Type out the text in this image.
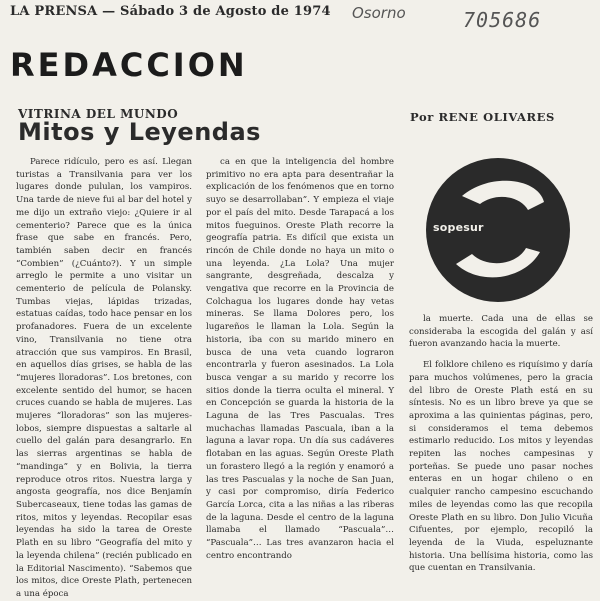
LA PRENSA — Sábado 3 de Agosto de 1974 Osorno	705686
REDACCION
VITRINA DEL MUNDO
Mitos y Leyendas
Por RENE OLIVARES
sopesur

Parece ridículo, pero es así. Llegan turistas a Transilvania para ver los lugares donde pululan, los vampiros. Una tarde de nieve fui al bar del hotel y me dijo un extraño viejo: ¿Quiere ir al cementerio? Parece que es la única frase que sabe en francés. Pero, también saben decir en francés “Combien” (¿Cuánto?). Y un simple arreglo le permite a uno visitar un cementerio de película de Polansky. Tumbas viejas, lápidas trizadas, estatuas caídas, todo hace pensar en los profanadores. Fuera de un excelente vino, Transilvania no tiene otra atracción que sus vampiros. En Brasil, en aquellos días grises, se habla de las “mujeres lloradoras”. Los bretones, con excelente sentido del humor, se hacen cruces cuando se habla de mujeres. Las mujeres “lloradoras” son las mujeres-lobos, siempre dispuestas a saltarle al cuello del galán para desangrarlo. En las sierras argentinas se habla de “mandinga” y en Bolivia, la tierra reproduce otros ritos. Nuestra larga y angosta geografía, nos dice Benjamín Subercaseaux, tiene todas las gamas de ritos, mitos y leyendas. Recopilar esas leyendas ha sido la tarea de Oreste Plath en su libro “Geografía del mito y la leyenda chilena” (recién publicado en la Editorial Nascimento). “Sabemos que los mitos, dice Oreste Plath, pertenecen a una época

ca en que la inteligencia del hombre primitivo no era apta para desentrañar la explicación de los fenómenos que en torno suyo se desarrollaban”. Y empieza el viaje por el país del mito. Desde Tarapacá a los mitos fueguinos. Oreste Plath recorre la geografía patria. Es difícil que exista un rincón de Chile donde no haya un mito o una leyenda. ¿La Lola? Una mujer sangrante, desgreñada, descalza y vengativa que recorre en la Provincia de Colchagua los lugares donde hay vetas mineras. Se llama Dolores pero, los lugareños le llaman la Lola. Según la historia, iba con su marido minero en busca de una veta cuando lograron encontrarla y fueron asesinados. La Lola busca vengar a su marido y recorre los sitios donde la tierra oculta el mineral. Y en Concepción se guarda la historia de la Laguna de las Tres Pascualas. Tres muchachas llamadas Pascuala, iban a la laguna a lavar ropa. Un día sus cadáveres flotaban en las aguas. Según Oreste Plath un forastero llegó a la región y enamoró a las tres Pascualas y la noche de San Juan, y casi por compromiso, diría Federico García Lorca, cita a las niñas a las riberas de la laguna. Desde el centro de la laguna llamaba el llamado “Pascuala”… “Pascuala”… Las tres avanzaron hacia el centro encontrando

la muerte. Cada una de ellas se consideraba la escogida del galán y así fueron avanzando hacia la muerte.

El folklore chileno es riquísimo y daría para muchos volúmenes, pero la gracia del libro de Oreste Plath está en su síntesis. No es un libro breve ya que se aproxima a las quinientas páginas, pero, si consideramos el tema debemos estimarlo reducido. Los mitos y leyendas repiten las noches campesinas y porteñas. Se puede uno pasar noches enteras en un hogar chileno o en cualquier rancho campesino escuchando miles de leyendas como las que recopila Oreste Plath en su libro. Don Julio Vicuña Cifuentes, por ejemplo, recopiló la leyenda de la Viuda, espeluznante historia. Una bellísima historia, como las que cuentan en Transilvania.
